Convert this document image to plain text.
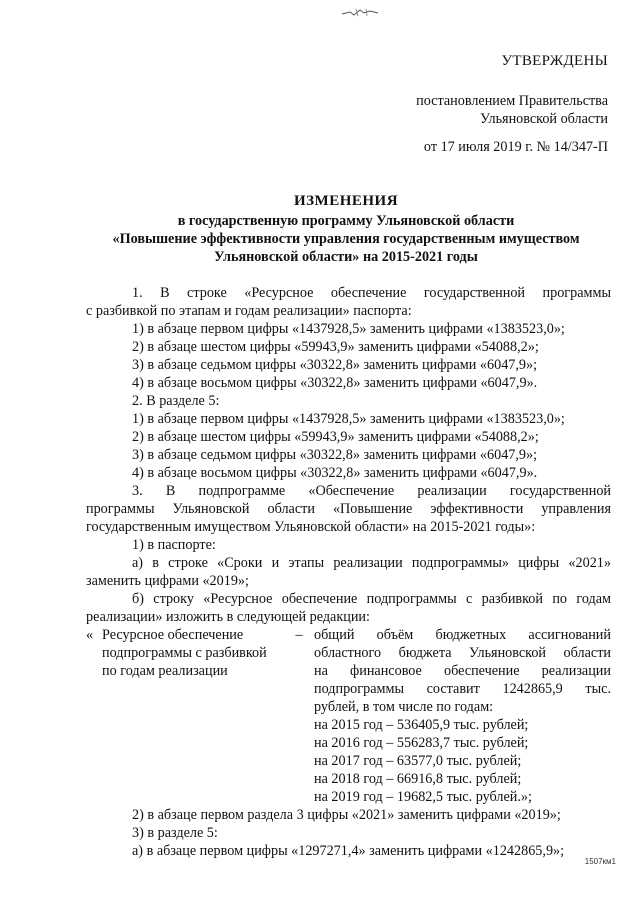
УТВЕРЖДЕНЫ
постановлением Правительства
Ульяновской области
от 17 июля 2019 г. № 14/347-П
ИЗМЕНЕНИЯ
в государственную программу Ульяновской области
«Повышение эффективности управления государственным имуществом
Ульяновской области» на 2015-2021 годы

1. В строке «Ресурсное обеспечение государственной программы

с разбивкой по этапам и годам реализации» паспорта:

1) в абзаце первом цифры «1437928,5» заменить цифрами «1383523,0»;

2) в абзаце шестом цифры «59943,9» заменить цифрами «54088,2»;

3) в абзаце седьмом цифры «30322,8» заменить цифрами «6047,9»;

4) в абзаце восьмом цифры «30322,8» заменить цифрами «6047,9».

2. В разделе 5:

1) в абзаце первом цифры «1437928,5» заменить цифрами «1383523,0»;

2) в абзаце шестом цифры «59943,9» заменить цифрами «54088,2»;

3) в абзаце седьмом цифры «30322,8» заменить цифрами «6047,9»;

4) в абзаце восьмом цифры «30322,8» заменить цифрами «6047,9».

3. В подпрограмме «Обеспечение реализации государственной

программы Ульяновской области «Повышение эффективности управления

государственным имуществом Ульяновской области» на 2015-2021 годы»:

1) в паспорте:

а) в строке «Сроки и этапы реализации подпрограммы» цифры «2021»

заменить цифрами «2019»;

б) строку «Ресурсное обеспечение подпрограммы с разбивкой по годам

реализации» изложить в следующей редакции:

« Ресурсное обеспечение
подпрограммы с разбивкой
по годам реализации
– общий объём бюджетных ассигнований
областного бюджета Ульяновской области
на финансовое обеспечение реализации
подпрограммы составит 1242865,9 тыс.
рублей, в том числе по годам:
на 2015 год – 536405,9 тыс. рублей;
на 2016 год – 556283,7 тыс. рублей;
на 2017 год – 63577,0 тыс. рублей;
на 2018 год – 66916,8 тыс. рублей;
на 2019 год – 19682,5 тыс. рублей.»;

2) в абзаце первом раздела 3 цифры «2021» заменить цифрами «2019»;

3) в разделе 5:

а) в абзаце первом цифры «1297271,4» заменить цифрами «1242865,9»;

1507км1
